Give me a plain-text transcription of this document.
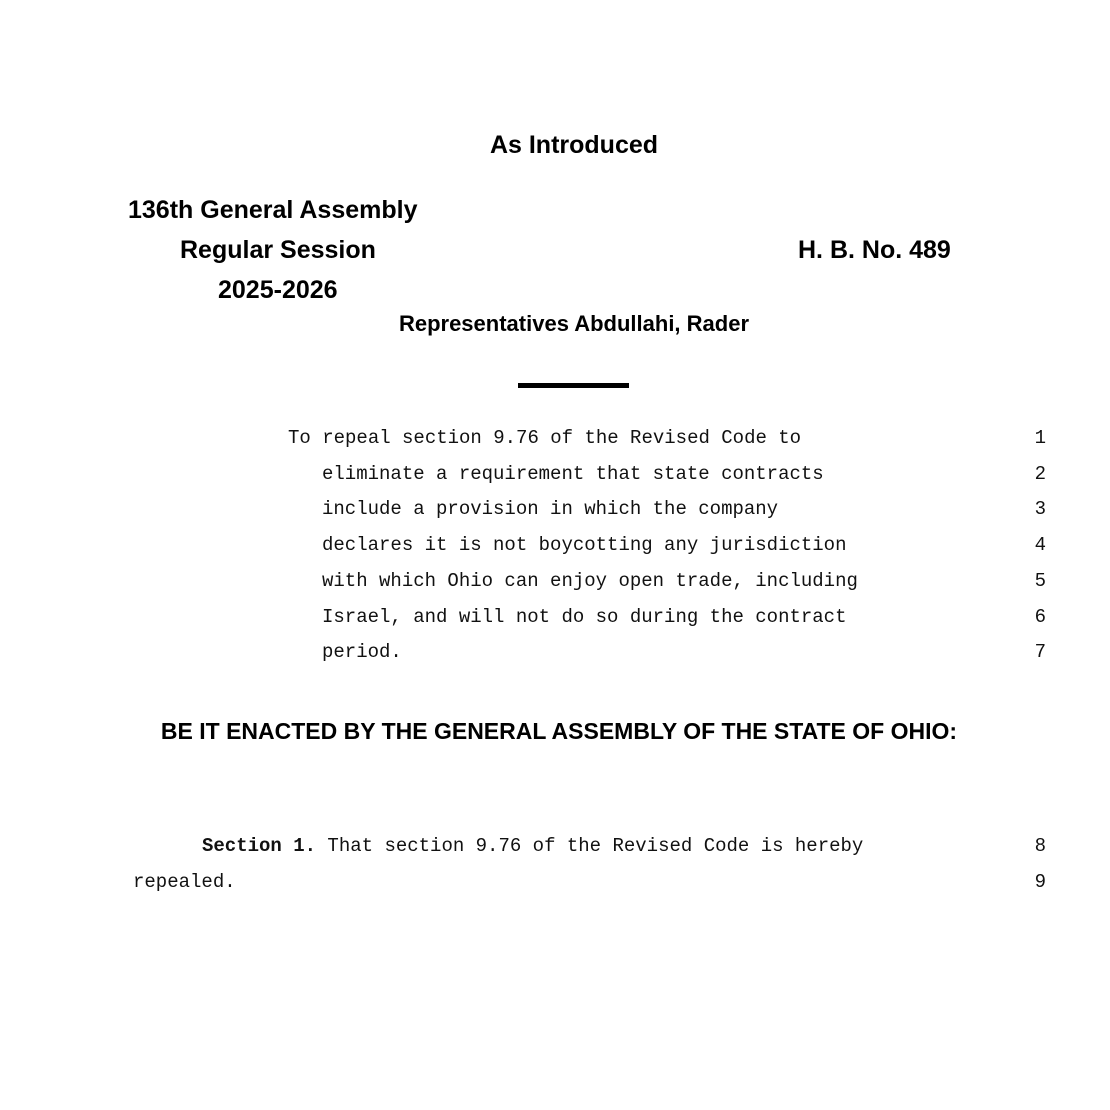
As Introduced
136th General Assembly
Regular Session
2025-2026
H. B. No. 489
Representatives Abdullahi, Rader
To repeal section 9.76 of the Revised Code to	1
eliminate a requirement that state contracts	2
include a provision in which the company	3
declares it is not boycotting any jurisdiction	4
with which Ohio can enjoy open trade, including	5
Israel, and will not do so during the contract	6
period.	7
BE IT ENACTED BY THE GENERAL ASSEMBLY OF THE STATE OF OHIO:
Section 1. That section 9.76 of the Revised Code is hereby	8
repealed.	9
